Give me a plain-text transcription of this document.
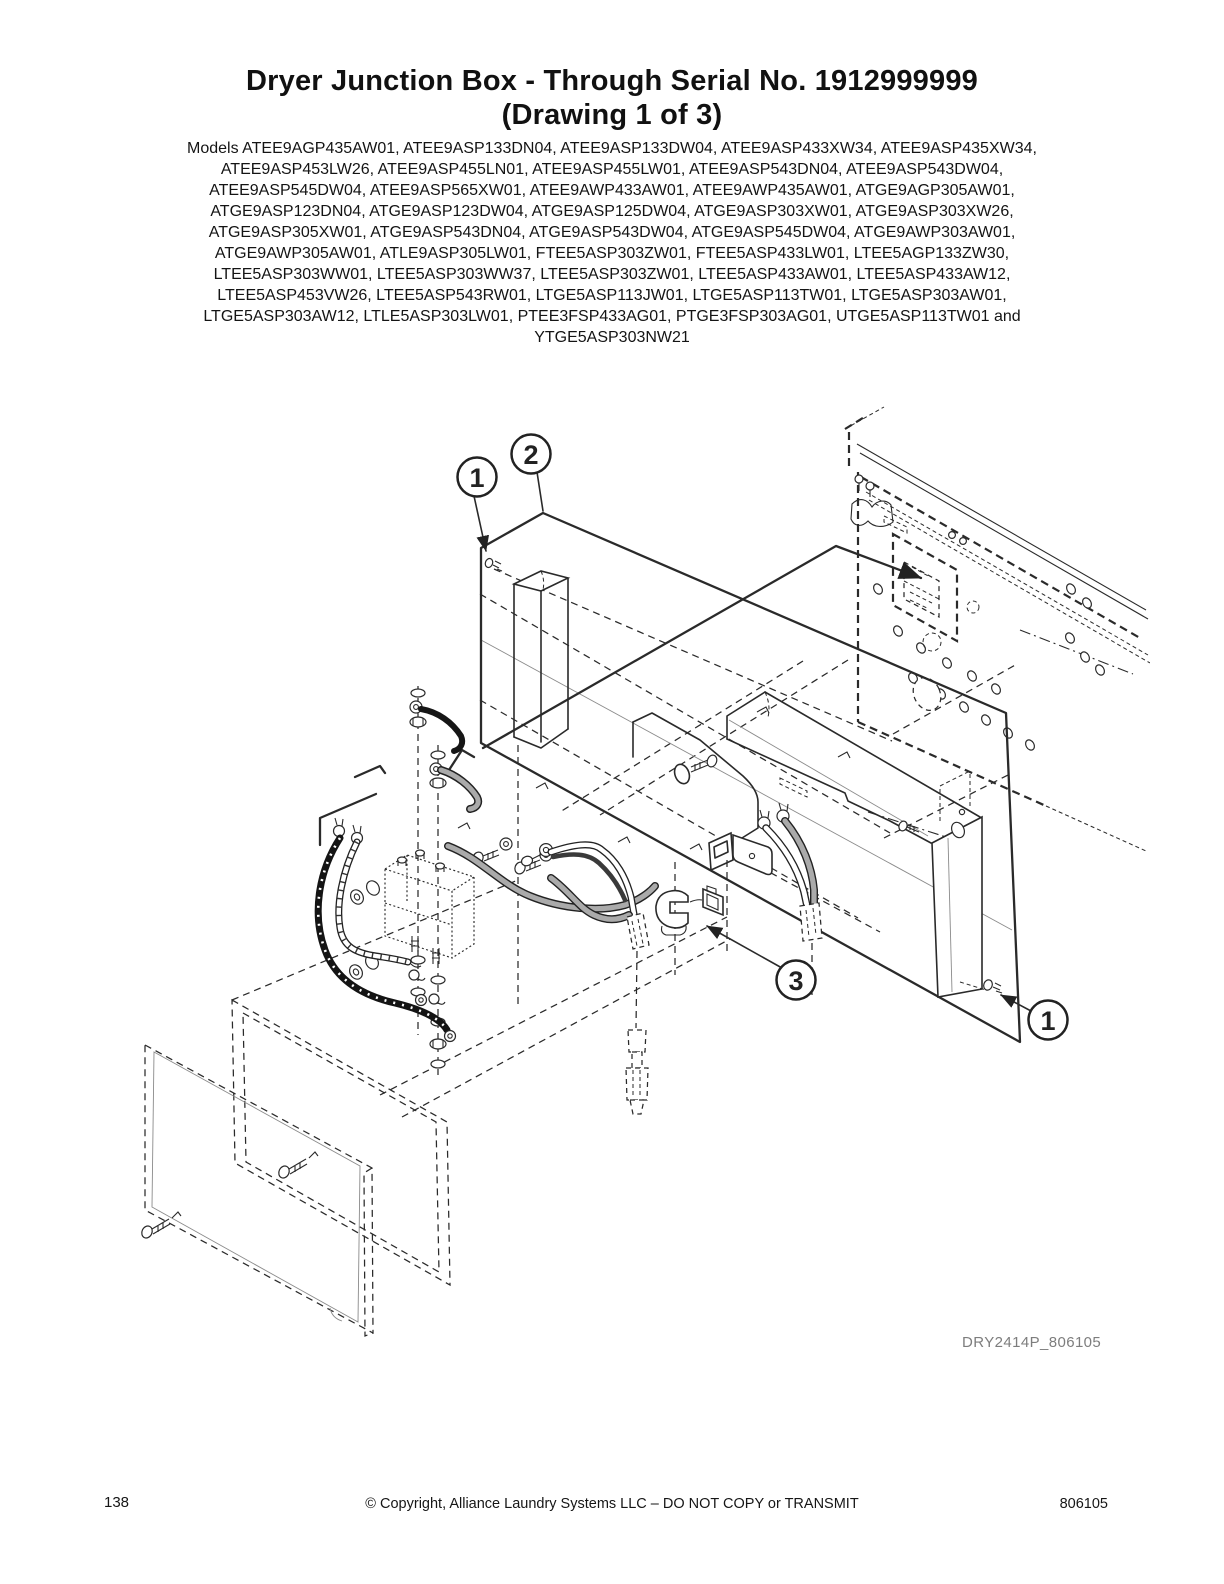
Dryer Junction Box - Through Serial No. 1912999999
(Drawing 1 of 3)
Models ATEE9AGP435AW01, ATEE9ASP133DN04, ATEE9ASP133DW04, ATEE9ASP433XW34, ATEE9ASP435XW34,
ATEE9ASP453LW26, ATEE9ASP455LN01, ATEE9ASP455LW01, ATEE9ASP543DN04, ATEE9ASP543DW04,
ATEE9ASP545DW04, ATEE9ASP565XW01, ATEE9AWP433AW01, ATEE9AWP435AW01, ATGE9AGP305AW01,
ATGE9ASP123DN04, ATGE9ASP123DW04, ATGE9ASP125DW04, ATGE9ASP303XW01, ATGE9ASP303XW26,
ATGE9ASP305XW01, ATGE9ASP543DN04, ATGE9ASP543DW04, ATGE9ASP545DW04, ATGE9AWP303AW01,
ATGE9AWP305AW01, ATLE9ASP305LW01, FTEE5ASP303ZW01, FTEE5ASP433LW01, LTEE5AGP133ZW30,
LTEE5ASP303WW01, LTEE5ASP303WW37, LTEE5ASP303ZW01, LTEE5ASP433AW01, LTEE5ASP433AW12,
LTEE5ASP453VW26, LTEE5ASP543RW01, LTGE5ASP113JW01, LTGE5ASP113TW01, LTGE5ASP303AW01,
LTGE5ASP303AW12, LTLE5ASP303LW01, PTEE3FSP433AG01, PTGE3FSP303AG01, UTGE5ASP113TW01 and
YTGE5ASP303NW21
1
2
3
1
DRY2414P_806105
138	© Copyright, Alliance Laundry Systems LLC – DO NOT COPY or TRANSMIT	806105
